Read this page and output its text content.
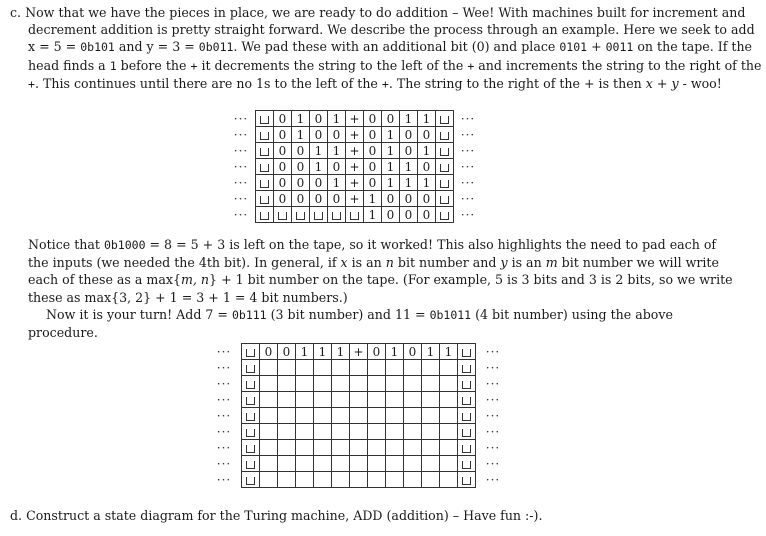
c. Now that we have the pieces in place, we are ready to do addition – Wee! With machines built for increment and decrement addition is pretty straight forward. We describe the process through an example. Here we seek to add x = 5 = 0b101 and y = 3 = 0b011. We pad these with an additional bit (0) and place 0101 + 0011 on the tape. If the head finds a 1 before the + it decrements the string to the left of the + and increments the string to the right of the +. This continues until there are no 1s to the left of the +. The string to the right of the + is then x + y - woo!

···		0	1	0	1	+	0	0	1	1		···
···		0	1	0	0	+	0	1	0	0		···
···		0	0	1	1	+	0	1	0	1		···
···		0	0	1	0	+	0	1	1	0		···
···		0	0	0	1	+	0	1	1	1		···
···		0	0	0	0	+	1	0	0	0		···
···							1	0	0	0		···

Notice that 0b1000 = 8 = 5 + 3 is left on the tape, so it worked! This also highlights the need to pad each of the inputs (we needed the 4th bit). In general, if x is an n bit number and y is an m bit number we will write each of these as a max{m, n} + 1 bit number on the tape. (For example, 5 is 3 bits and 3 is 2 bits, so we write these as max{3, 2} + 1 = 3 + 1 = 4 bit numbers.)

Now it is your turn! Add 7 = 0b111 (3 bit number) and 11 = 0b1011 (4 bit number) using the above procedure.

···		0	0	1	1	1	+	0	1	0	1	1		···
···														···
···														···
···														···
···														···
···														···
···														···
···														···
···														···

d. Construct a state diagram for the Turing machine, ADD (addition) – Have fun :-).
